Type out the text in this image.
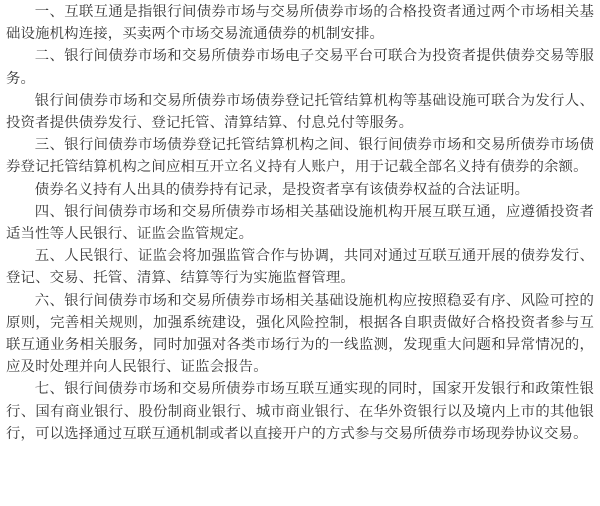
一、互联互通是指银行间债券市场与交易所债券市场的合格投资者通过两个市场相关基础设施机构连接，买卖两个市场交易流通债券的机制安排。

二、银行间债券市场和交易所债券市场电子交易平台可联合为投资者提供债券交易等服务。

银行间债券市场和交易所债券市场债券登记托管结算机构等基础设施可联合为发行人、投资者提供债券发行、登记托管、清算结算、付息兑付等服务。

三、银行间债券市场债券登记托管结算机构之间、银行间债券市场和交易所债券市场债券登记托管结算机构之间应相互开立名义持有人账户，用于记载全部名义持有债券的余额。

债券名义持有人出具的债券持有记录，是投资者享有该债券权益的合法证明。

四、银行间债券市场和交易所债券市场相关基础设施机构开展互联互通，应遵循投资者适当性等人民银行、证监会监管规定。

五、人民银行、证监会将加强监管合作与协调，共同对通过互联互通开展的债券发行、登记、交易、托管、清算、结算等行为实施监督管理。

六、银行间债券市场和交易所债券市场相关基础设施机构应按照稳妥有序、风险可控的原则，完善相关规则，加强系统建设，强化风险控制，根据各自职责做好合格投资者参与互联互通业务相关服务，同时加强对各类市场行为的一线监测，发现重大问题和异常情况的，应及时处理并向人民银行、证监会报告。

七、银行间债券市场和交易所债券市场互联互通实现的同时，国家开发银行和政策性银行、国有商业银行、股份制商业银行、城市商业银行、在华外资银行以及境内上市的其他银行，可以选择通过互联互通机制或者以直接开户的方式参与交易所债券市场现券协议交易。
